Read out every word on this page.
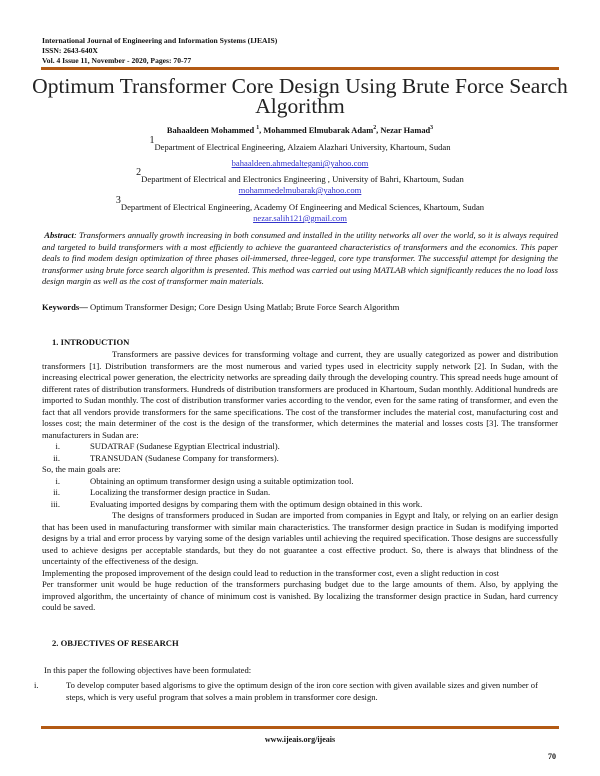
International Journal of Engineering and Information Systems (IJEAIS)
ISSN: 2643-640X
Vol. 4 Issue 11, November - 2020, Pages: 70-77
Optimum Transformer Core Design Using Brute Force Search
Algorithm
Bahaaldeen Mohammed $^1$, Mohammed Elmubarak Adam$^2$, Nezar Hamad$^3$
$^1$Department of Electrical Engineering, Alzaiem Alazhari University, Khartoum, Sudan
bahaaldeen.ahmedaltegani@yahoo.com
$^2$Department of Electrical and Electronics Engineering , University of Bahri, Khartoum, Sudan
mohammedelmubarak@yahoo.com
$^3$Department of Electrical Engineering, Academy Of Engineering and Medical Sciences, Khartoum, Sudan
nezar.salih121@gmail.com
Abstract: Transformers annually growth increasing in both consumed and installed in the utility networks all over the world, so it is always required and targeted to build transformers with a most efficiently to achieve the guaranteed characteristics of transformers and the economics. This paper deals to find modem design optimization of three phases oil-immersed, three-legged, core type transformer. The successful attempt for designing the transformer using brute force search algorithm is presented. This method was carried out using MATLAB which significantly reduces the no load loss design margin as well as the cost of transformer main materials.
Keywords— Optimum Transformer Design; Core Design Using Matlab; Brute Force Search Algorithm
1. INTRODUCTION
Transformers are passive devices for transforming voltage and current, they are usually categorized as power and distribution transformers [1]. Distribution transformers are the most numerous and varied types used in electricity supply network [2]. In Sudan, with the increasing electrical power generation, the electricity networks are spreading daily through the developing country. This spread needs huge amount of different rates of distribution transformers. Hundreds of distribution transformers are produced in Khartoum, Sudan monthly. Additional hundreds are imported to Sudan monthly. The cost of distribution transformer varies according to the vendor, even for the same rating of transformer, and even the fact that all vendors provide transformers for the same specifications. The cost of the transformer includes the material cost, manufacturing cost and losses cost; the main determiner of the cost is the design of the transformer, which determines the material and losses costs [3]. The transformer manufacturers in Sudan are:
i.	SUDATRAF (Sudanese Egyptian Electrical industrial).
ii.	TRANSUDAN (Sudanese Company for transformers).
So, the main goals are:
i.	Obtaining an optimum transformer design using a suitable optimization tool.
ii.	Localizing the transformer design practice in Sudan.
iii.	Evaluating imported designs by comparing them with the optimum design obtained in this work.
The designs of transformers produced in Sudan are imported from companies in Egypt and Italy, or relying on an earlier design that has been used in manufacturing transformer with similar main characteristics. The transformer design practice in Sudan is modifying imported designs by a trial and error process by varying some of the design variables until achieving the required specification. Those designs are successfully used to achieve designs per acceptable standards, but they do not guarantee a cost effective product. So, there is always that blindness of the uncertainty of the effectiveness of the design.
Implementing the proposed improvement of the design could lead to reduction in the transformer cost, even a slight reduction in cost
Per transformer unit would be huge reduction of the transformers purchasing budget due to the large amounts of them. Also, by applying the improved algorithm, the uncertainty of chance of minimum cost is vanished. By localizing the transformer design practice in Sudan, hard currency could be saved.
2. OBJECTIVES OF RESEARCH
In this paper the following objectives have been formulated:
i.	To develop computer based algorisms to give the optimum design of the iron core section with given available sizes and given number of steps, which is very useful program that solves a main problem in transformer core design.
www.ijeais.org/ijeais
70
